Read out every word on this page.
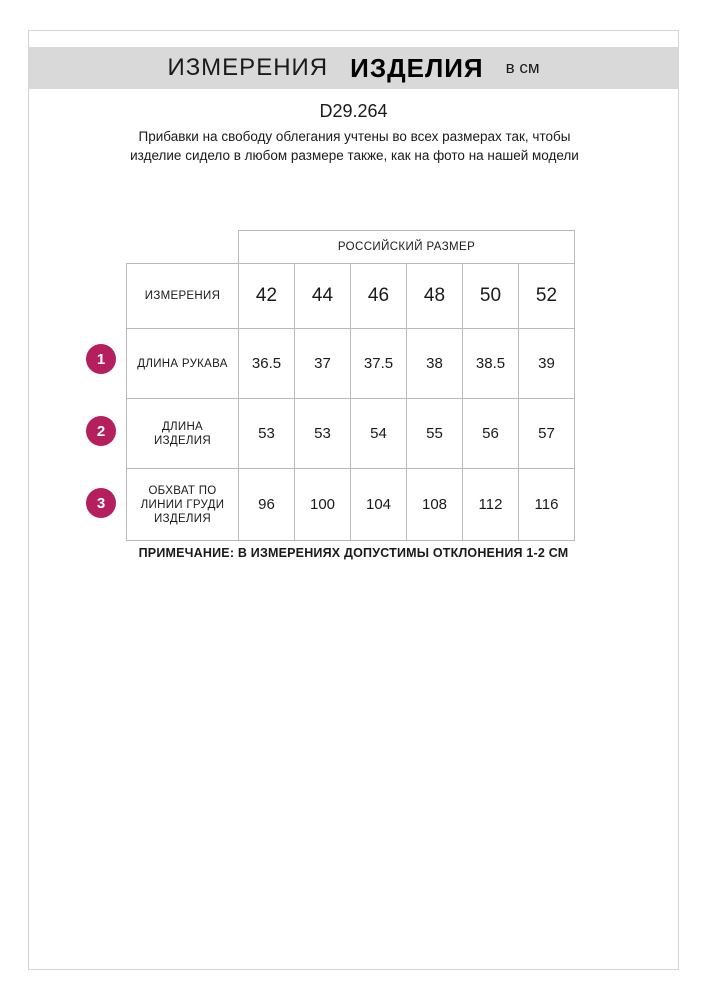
ИЗМЕРЕНИЯ ИЗДЕЛИЯ в см
D29.264
Прибавки на свободу облегания учтены во всех размерах так, чтобы изделие сидело в любом размере также, как на фото на нашей модели
	РОССИЙСКИЙ РАЗМЕР					
ИЗМЕРЕНИЯ	42	44	46	48	50	52
ДЛИНА РУКАВА	36.5	37	37.5	38	38.5	39
ДЛИНА ИЗДЕЛИЯ	53	53	54	55	56	57
ОБХВАТ ПО ЛИНИИ ГРУДИ ИЗДЕЛИЯ	96	100	104	108	112	116
1
2
3
ПРИМЕЧАНИЕ: В ИЗМЕРЕНИЯХ ДОПУСТИМЫ ОТКЛОНЕНИЯ 1-2 СМ
